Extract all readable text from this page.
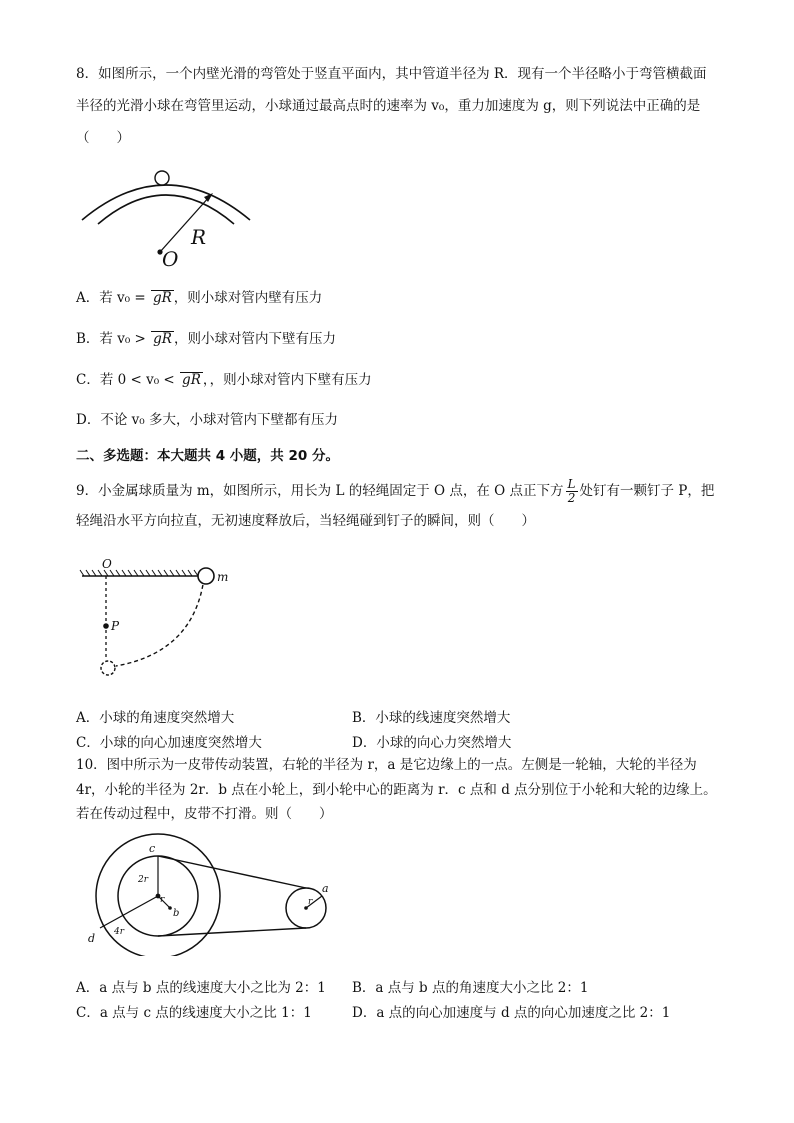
8．如图所示，一个内壁光滑的弯管处于竖直平面内，其中管道半径为 R．现有一个半径略小于弯管横截面
半径的光滑小球在弯管里运动，小球通过最高点时的速率为 v₀，重力加速度为 g，则下列说法中正确的是
（　　）
R
O
A．若 v₀ = gR ，则小球对管内壁有压力
B．若 v₀ > gR ，则小球对管内下壁有压力
C．若 0 < v₀ < gR ，，则小球对管内下壁有压力
D．不论 v₀ 多大，小球对管内下壁都有压力
二、多选题：本大题共 4 小题，共 20 分。
9．小金属球质量为 m，如图所示，用长为 L 的轻绳固定于 O 点，在 O 点正下方 $\frac{L}{2}$ 处钉有一颗钉子 P，把
轻绳沿水平方向拉直，无初速度释放后，当轻绳碰到钉子的瞬间，则（　　）
O
P
m
A．小球的角速度突然增大	B．小球的线速度突然增大
C．小球的向心加速度突然增大	D．小球的向心力突然增大
10．图中所示为一皮带传动装置，右轮的半径为 r，a 是它边缘上的一点。左侧是一轮轴，大轮的半径为
4r，小轮的半径为 2r．b 点在小轮上，到小轮中心的距离为 r．c 点和 d 点分别位于小轮和大轮的边缘上。
若在传动过程中，皮带不打滑。则（　　）
c
2r
r
b
4r
d
a
r
A．a 点与 b 点的线速度大小之比为 2：1 B．a 点与 b 点的角速度大小之比 2：1
C．a 点与 c 点的线速度大小之比 1：1	D．a 点的向心加速度与 d 点的向心加速度之比 2：1
